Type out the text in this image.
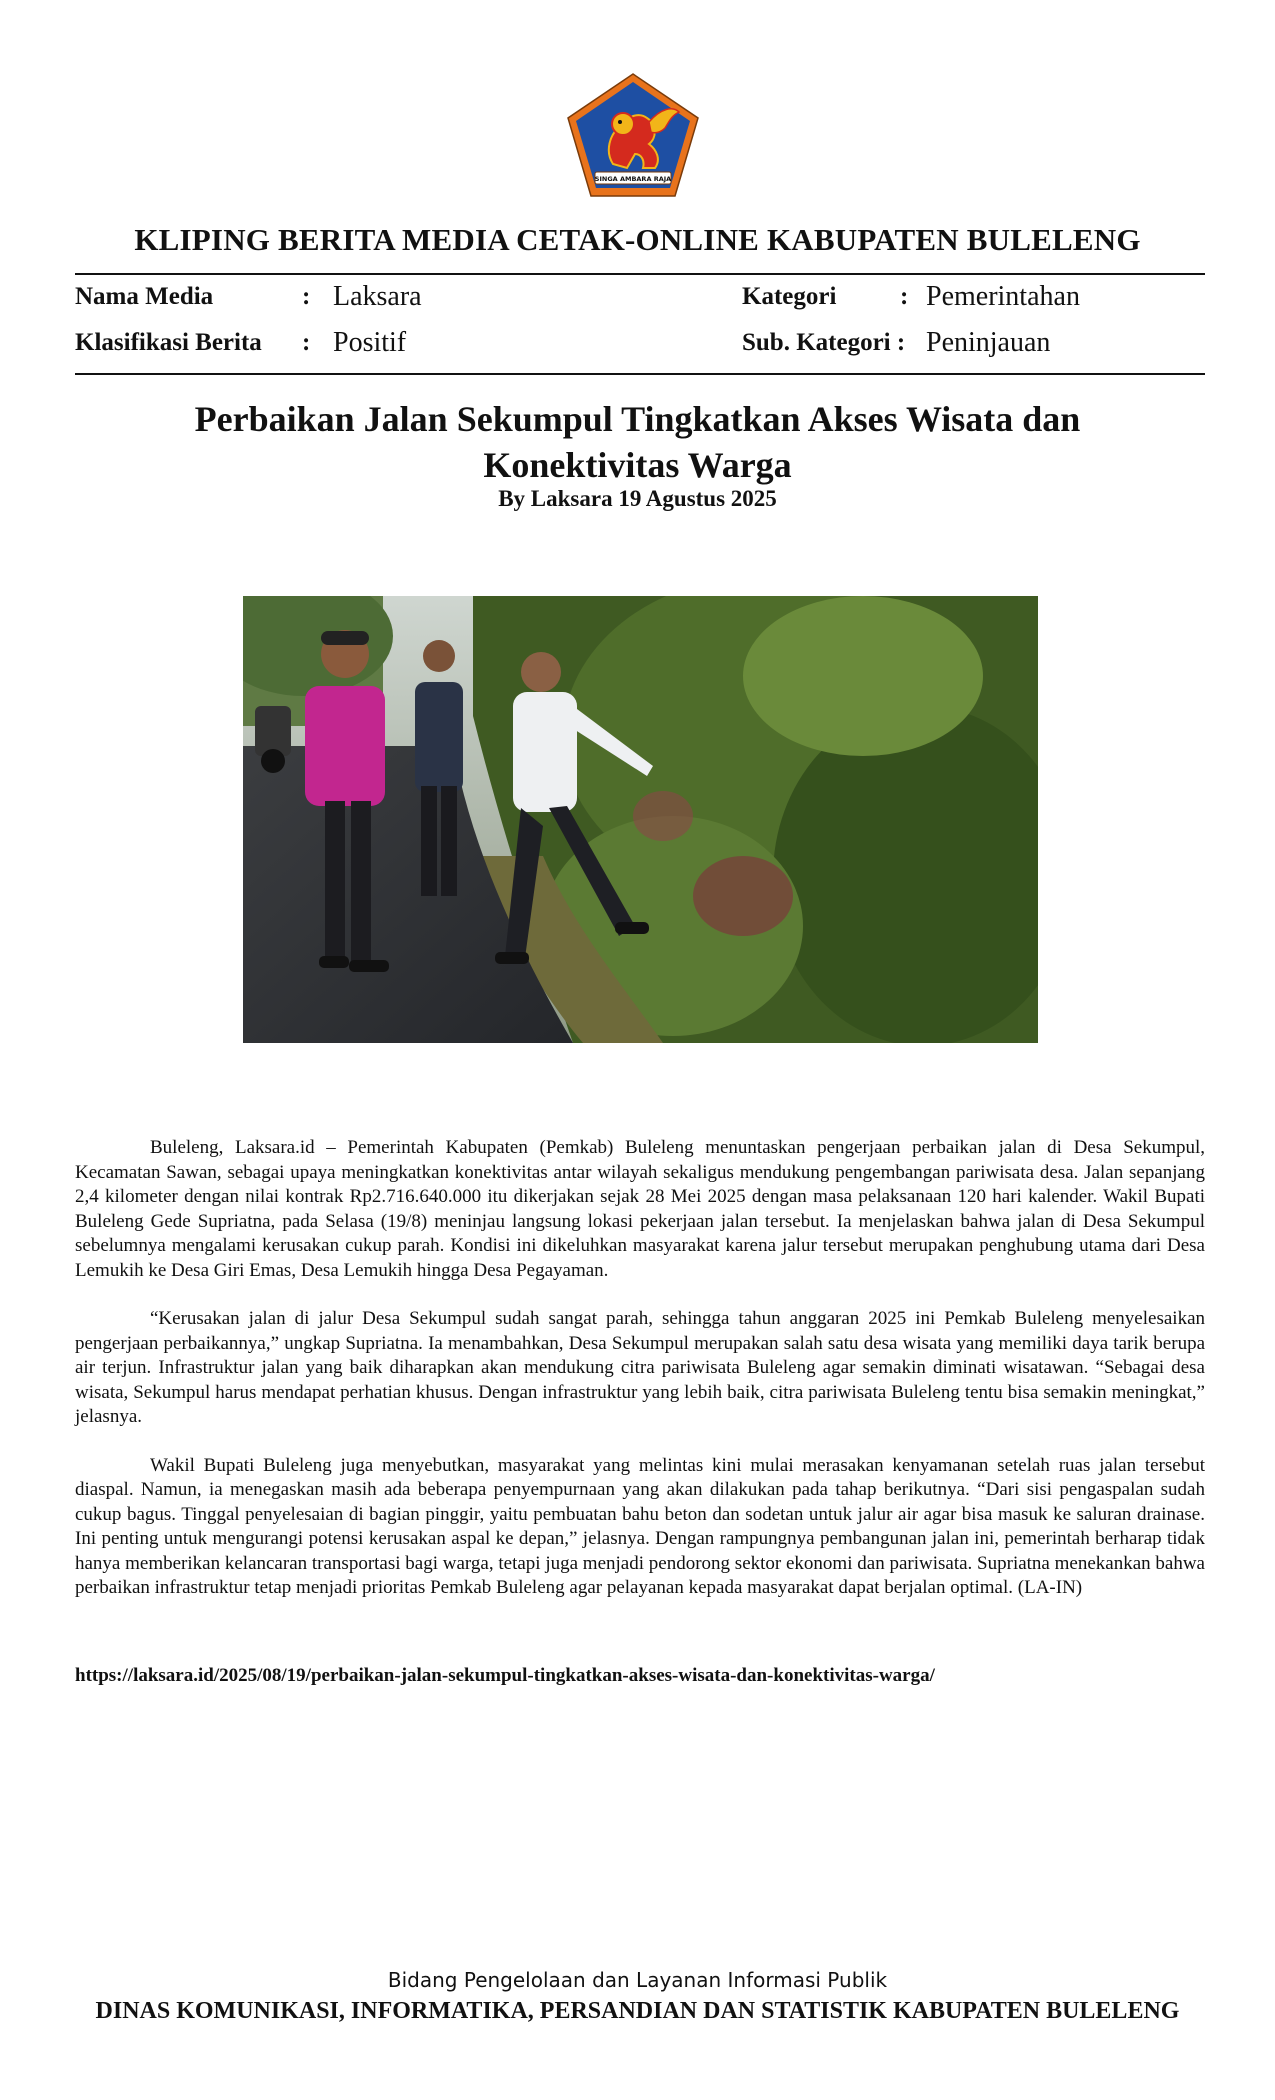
SINGA AMBARA RAJA
KLIPING BERITA MEDIA CETAK-ONLINE KABUPATEN BULELENG
Nama Media	: Laksara
Klasifikasi Berita : Positif
Kategori	: Pemerintahan
Sub. Kategori : Peninjauan
Perbaikan Jalan Sekumpul Tingkatkan Akses Wisata dan
Konektivitas Warga
By Laksara 19 Agustus 2025

Buleleng, Laksara.id – Pemerintah Kabupaten (Pemkab) Buleleng menuntaskan pengerjaan perbaikan jalan di Desa Sekumpul, Kecamatan Sawan, sebagai upaya meningkatkan konektivitas antar wilayah sekaligus mendukung pengembangan pariwisata desa. Jalan sepanjang 2,4 kilometer dengan nilai kontrak Rp2.716.640.000 itu dikerjakan sejak 28 Mei 2025 dengan masa pelaksanaan 120 hari kalender. Wakil Bupati Buleleng Gede Supriatna, pada Selasa (19/8) meninjau langsung lokasi pekerjaan jalan tersebut. Ia menjelaskan bahwa jalan di Desa Sekumpul sebelumnya mengalami kerusakan cukup parah. Kondisi ini dikeluhkan masyarakat karena jalur tersebut merupakan penghubung utama dari Desa Lemukih ke Desa Giri Emas, Desa Lemukih hingga Desa Pegayaman.

“Kerusakan jalan di jalur Desa Sekumpul sudah sangat parah, sehingga tahun anggaran 2025 ini Pemkab Buleleng menyelesaikan pengerjaan perbaikannya,” ungkap Supriatna. Ia menambahkan, Desa Sekumpul merupakan salah satu desa wisata yang memiliki daya tarik berupa air terjun. Infrastruktur jalan yang baik diharapkan akan mendukung citra pariwisata Buleleng agar semakin diminati wisatawan. “Sebagai desa wisata, Sekumpul harus mendapat perhatian khusus. Dengan infrastruktur yang lebih baik, citra pariwisata Buleleng tentu bisa semakin meningkat,” jelasnya.

Wakil Bupati Buleleng juga menyebutkan, masyarakat yang melintas kini mulai merasakan kenyamanan setelah ruas jalan tersebut diaspal. Namun, ia menegaskan masih ada beberapa penyempurnaan yang akan dilakukan pada tahap berikutnya. “Dari sisi pengaspalan sudah cukup bagus. Tinggal penyelesaian di bagian pinggir, yaitu pembuatan bahu beton dan sodetan untuk jalur air agar bisa masuk ke saluran drainase. Ini penting untuk mengurangi potensi kerusakan aspal ke depan,” jelasnya. Dengan rampungnya pembangunan jalan ini, pemerintah berharap tidak hanya memberikan kelancaran transportasi bagi warga, tetapi juga menjadi pendorong sektor ekonomi dan pariwisata. Supriatna menekankan bahwa perbaikan infrastruktur tetap menjadi prioritas Pemkab Buleleng agar pelayanan kepada masyarakat dapat berjalan optimal. (LA-IN)

https://laksara.id/2025/08/19/perbaikan-jalan-sekumpul-tingkatkan-akses-wisata-dan-konektivitas-warga/
Bidang Pengelolaan dan Layanan Informasi Publik
DINAS KOMUNIKASI, INFORMATIKA, PERSANDIAN DAN STATISTIK KABUPATEN BULELENG
